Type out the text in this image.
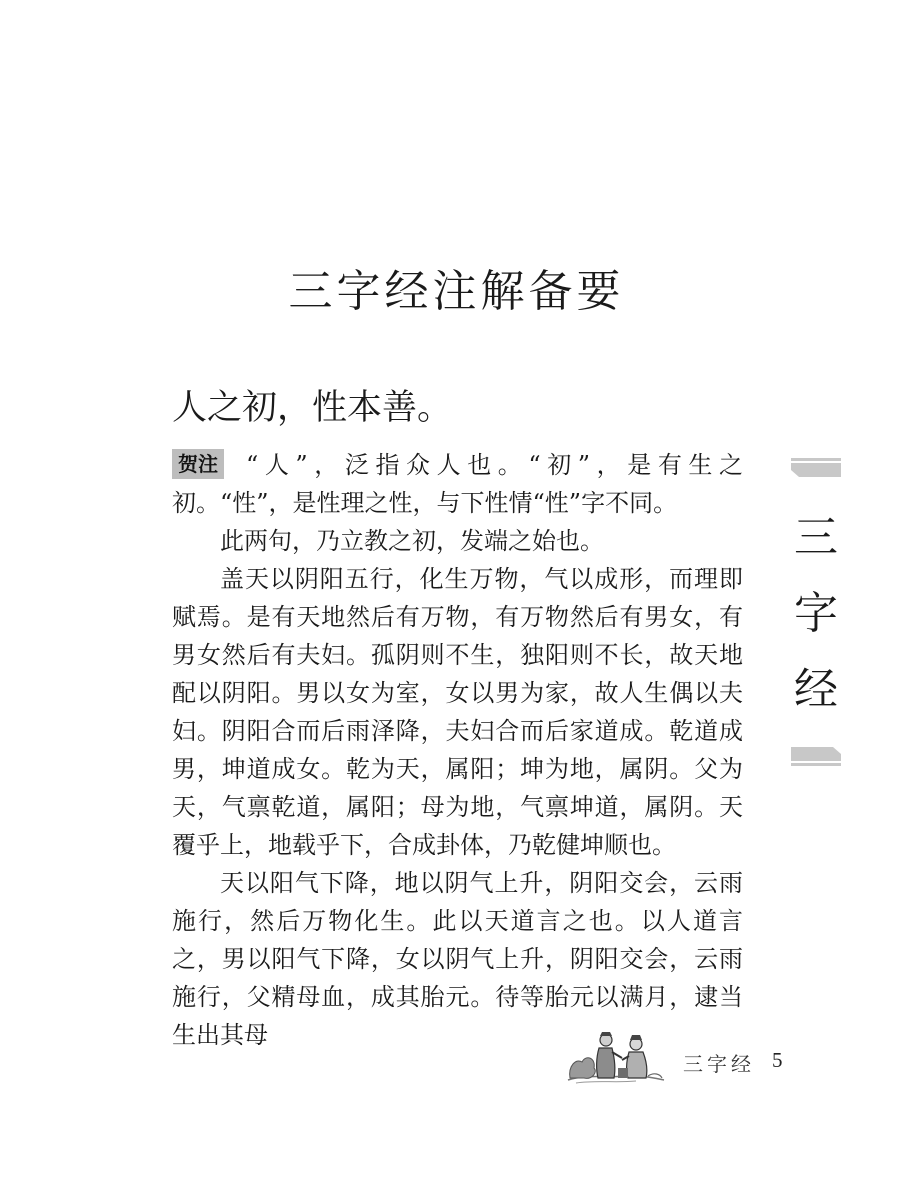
三字经注解备要
人之初，性本善。

贺注 “人”，泛指众人也。“初”，是有生之初。“性”，是性理之性，与下性情“性”字不同。

此两句，乃立教之初，发端之始也。

盖天以阴阳五行，化生万物，气以成形，而理即赋焉。是有天地然后有万物，有万物然后有男女，有男女然后有夫妇。孤阴则不生，独阳则不长，故天地配以阴阳。男以女为室，女以男为家，故人生偶以夫妇。阴阳合而后雨泽降，夫妇合而后家道成。乾道成男，坤道成女。乾为天，属阳；坤为地，属阴。父为天，气禀乾道，属阳；母为地，气禀坤道，属阴。天覆乎上，地载乎下，合成卦体，乃乾健坤顺也。

天以阳气下降，地以阴气上升，阴阳交会，云雨施行，然后万物化生。此以天道言之也。以人道言之，男以阳气下降，女以阴气上升，阴阳交会，云雨施行，父精母血，成其胎元。待等胎元以满月，逮当生出其母

三
字
经
三字经 5
